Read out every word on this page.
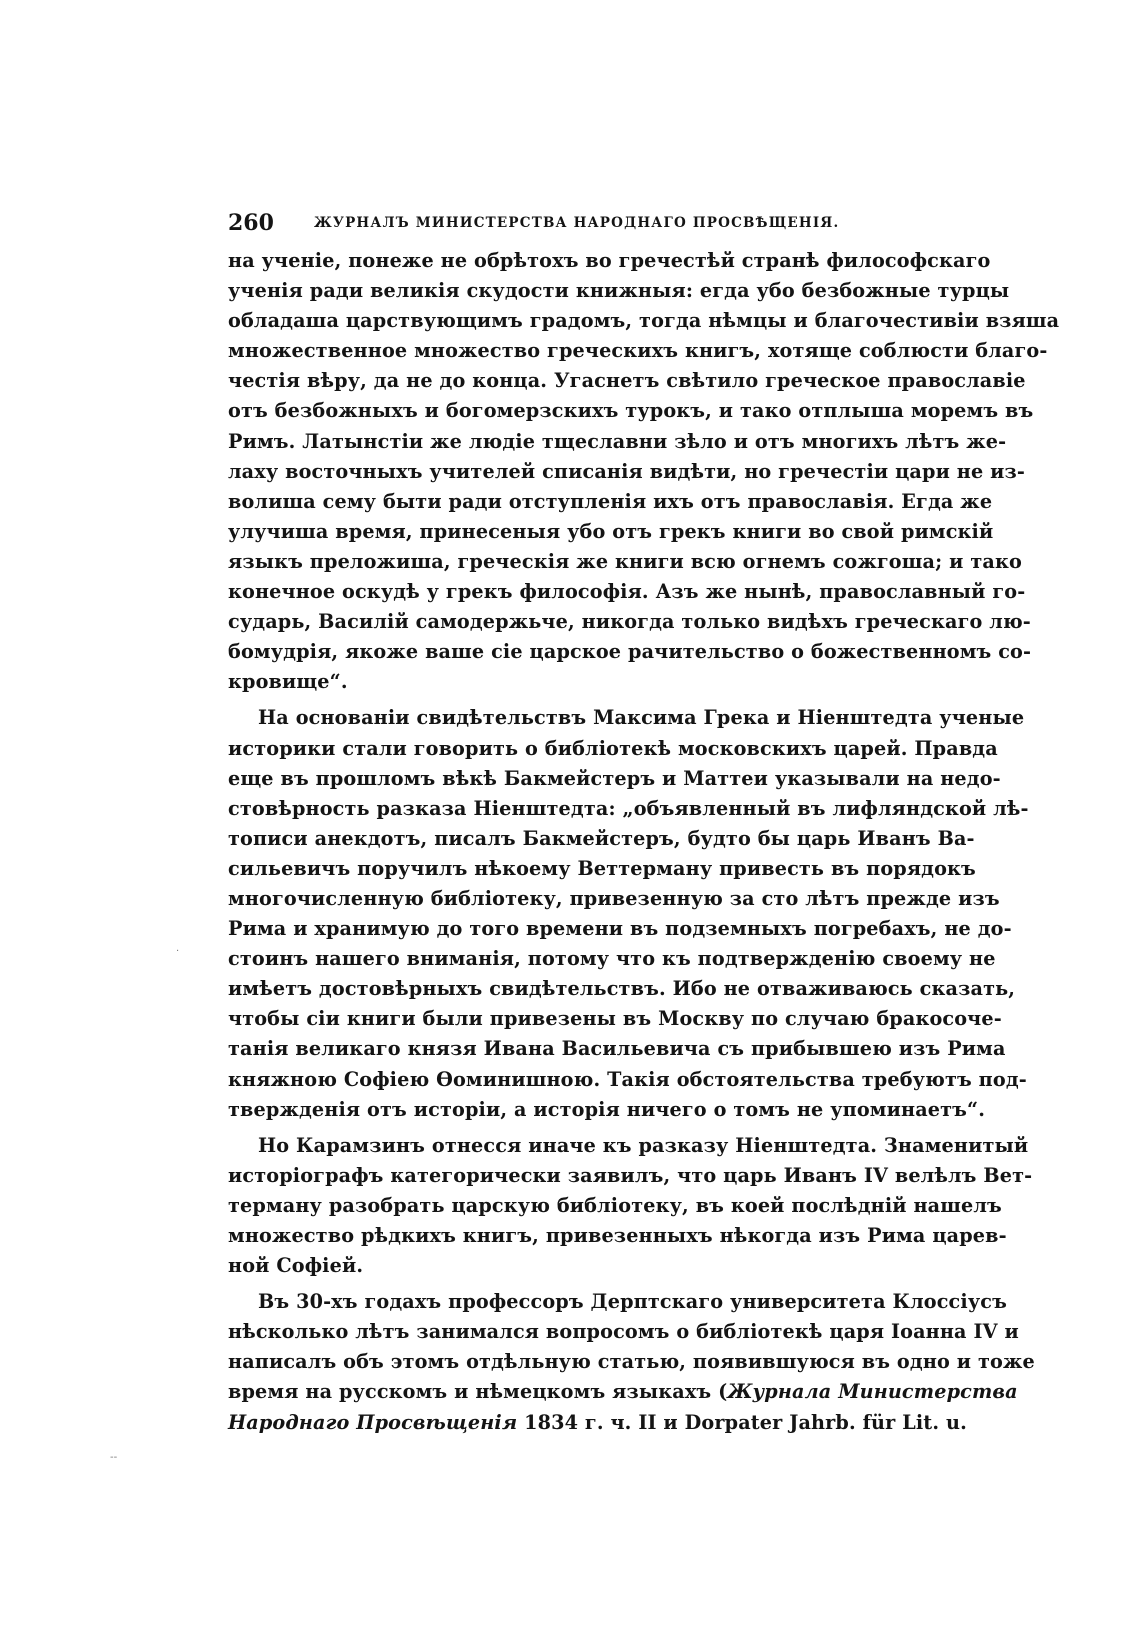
260	ЖУРНАЛЪ МИНИСТЕРСТВА НАРОДНАГО ПРОСВѢЩЕНІЯ.
на ученіе, понеже не обрѣтохъ во гречестѣй странѣ философскаго
ученія ради великія скудости книжныя: егда убо безбожные турцы
обладаша царствующимъ градомъ, тогда нѣмцы и благочестивіи взяша
множественное множество греческихъ книгъ, хотяще соблюсти благо-
честія вѣру, да не до конца. Угаснетъ свѣтило греческое православіе
отъ безбожныхъ и богомерзскихъ турокъ, и тако отплыша моремъ въ
Римъ. Латынстіи же людіе тщеславни зѣло и отъ многихъ лѣтъ же-
лаху восточныхъ учителей списанія видѣти, но гречестіи цари не из-
волиша сему быти ради отступленія ихъ отъ православія. Егда же
улучиша время, принесеныя убо отъ грекъ книги во свой римскій
языкъ преложиша, греческія же книги всю огнемъ сожгоша; и тако
конечное оскудѣ у грекъ философія. Азъ же нынѣ, православный го-
сударь, Василій самодержьче, никогда только видѣхъ греческаго лю-
бомудрія, якоже ваше сіе царское рачительство о божественномъ со-
кровище“.
На основаніи свидѣтельствъ Максима Грека и Ніенштедта ученые
историки стали говорить о библіотекѣ московскихъ царей. Правда
еще въ прошломъ вѣкѣ Бакмейстеръ и Маттеи указывали на недо-
стовѣрность разказа Ніенштедта: „объявленный въ лифляндской лѣ-
тописи анекдотъ, писалъ Бакмейстеръ, будто бы царь Иванъ Ва-
сильевичъ поручилъ нѣкоему Веттерману привесть въ порядокъ
многочисленную библіотеку, привезенную за сто лѣтъ прежде изъ
Рима и хранимую до того времени въ подземныхъ погребахъ, не до-
стоинъ нашего вниманія, потому что къ подтвержденію своему не
имѣетъ достовѣрныхъ свидѣтельствъ. Ибо не отваживаюсь сказать,
чтобы сіи книги были привезены въ Москву по случаю бракосоче-
танія великаго князя Ивана Васильевича съ прибывшею изъ Рима
княжною Софіею Ѳоминишною. Такія обстоятельства требуютъ под-
твержденія отъ исторіи, а исторія ничего о томъ не упоминаетъ“.
Но Карамзинъ отнесся иначе къ разказу Ніенштедта. Знаменитый
исторіографъ категорически заявилъ, что царь Иванъ IV велѣлъ Вет-
терману разобрать царскую библіотеку, въ коей послѣдній нашелъ
множество рѣдкихъ книгъ, привезенныхъ нѣкогда изъ Рима царев-
ной Софіей.
Въ 30-хъ годахъ профессоръ Дерптскаго университета Клоссіусъ
нѣсколько лѣтъ занимался вопросомъ о библіотекѣ царя Іоанна IV и
написалъ объ этомъ отдѣльную статью, появившуюся въ одно и тоже
время на русскомъ и нѣмецкомъ языкахъ (Журнала Министерства
Народнаго Просвѣщенія 1834 г. ч. II и Dorpater Jahrb. für Lit. u.
·
--
